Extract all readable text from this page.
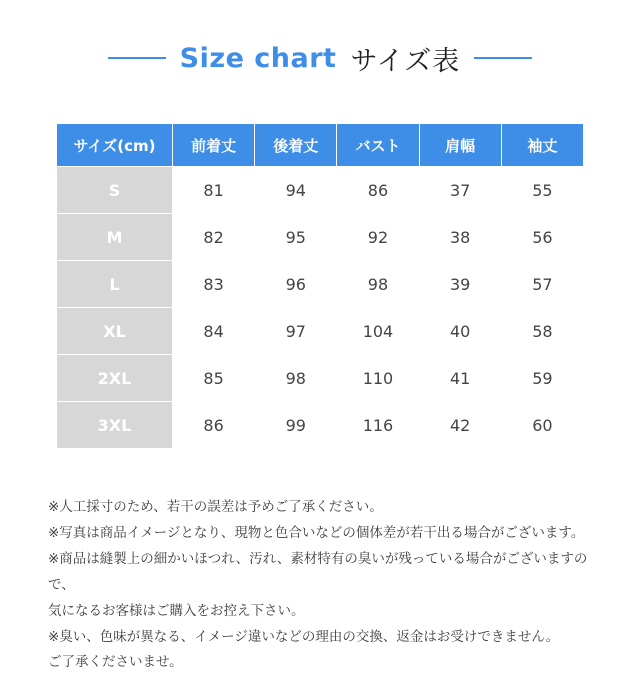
Size chart サイズ表
サイズ(cm)	前着丈	後着丈	バスト	肩幅	袖丈
S	81	94	86	37	55
M	82	95	92	38	56
L	83	96	98	39	57
XL	84	97	104	40	58
2XL	85	98	110	41	59
3XL	86	99	116	42	60

※人工採寸のため、若干の誤差は予めご了承ください。

※写真は商品イメージとなり、現物と色合いなどの個体差が若干出る場合がございます。

※商品は縫製上の細かいほつれ、汚れ、素材特有の臭いが残っている場合がございますので、

気になるお客様はご購入をお控え下さい。

※臭い、色味が異なる、イメージ違いなどの理由の交換、返金はお受けできません。

ご了承くださいませ。
